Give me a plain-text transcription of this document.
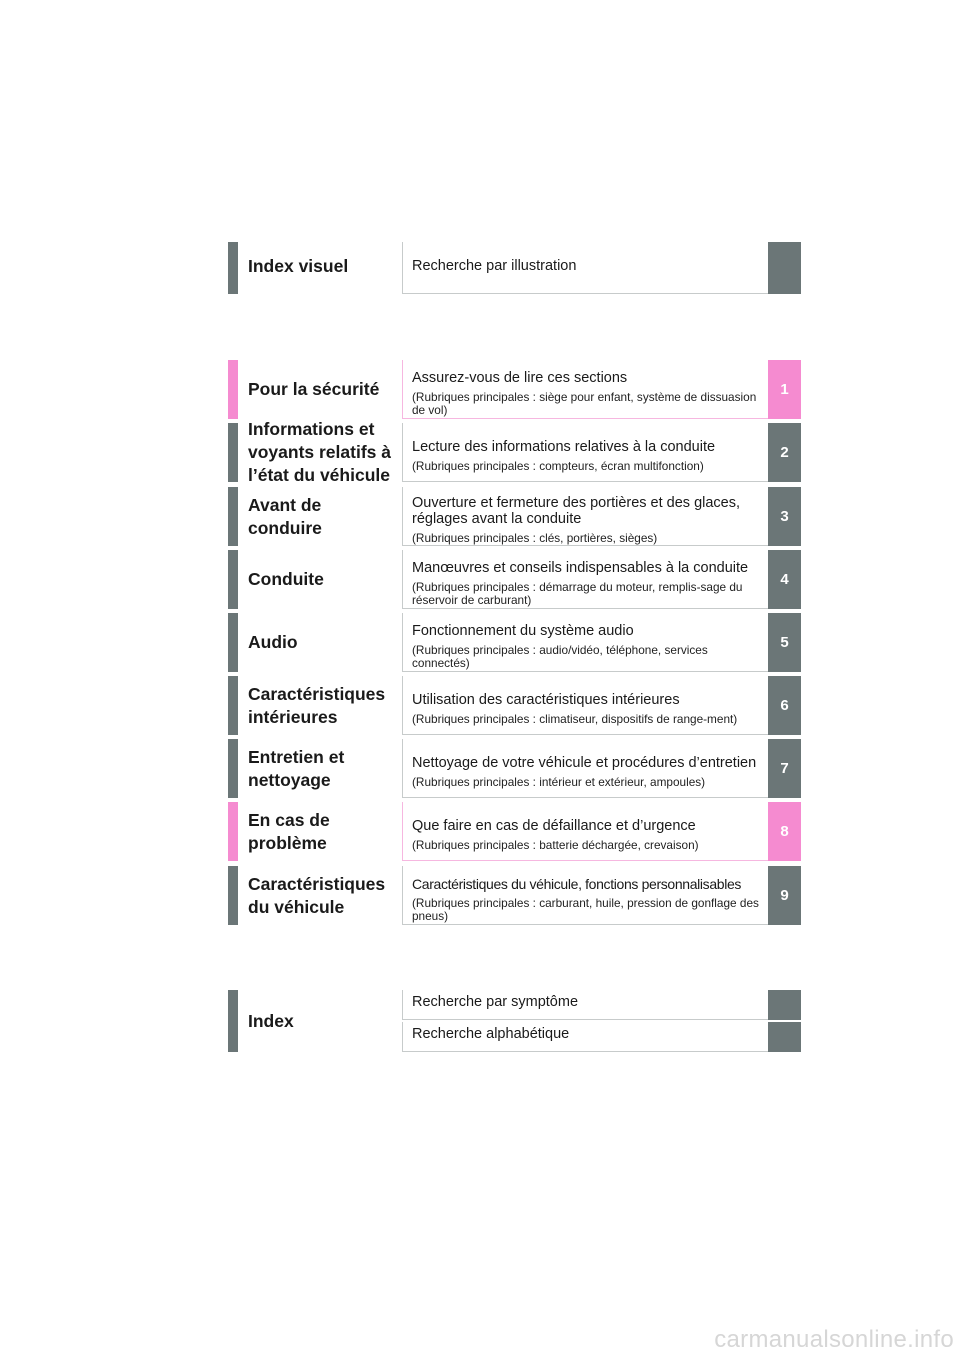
Index visuel	Recherche par illustration
Pour la sécurité
Assurez-vous de lire ces sections
(Rubriques principales : siège pour enfant, système de dissuasion de vol)
1
Informations et
voyants relatifs à
l’état du véhicule
Lecture des informations relatives à la conduite
(Rubriques principales : compteurs, écran multifonction)
2
Avant de
conduire
Ouverture et fermeture des portières et des glaces, réglages avant la conduite
(Rubriques principales : clés, portières, sièges)
3
Conduite
Manœuvres et conseils indispensables à la conduite
(Rubriques principales : démarrage du moteur, remplis-sage du réservoir de carburant)
4
Audio
Fonctionnement du système audio
(Rubriques principales : audio/vidéo, téléphone, services connectés)
5
Caractéristiques
intérieures
Utilisation des caractéristiques intérieures
(Rubriques principales : climatiseur, dispositifs de range-ment)
6
Entretien et
nettoyage
Nettoyage de votre véhicule et procédures d’entretien
(Rubriques principales : intérieur et extérieur, ampoules)
7
En cas de
problème
Que faire en cas de défaillance et d’urgence
(Rubriques principales : batterie déchargée, crevaison)
8
Caractéristiques
du véhicule
Caractéristiques du véhicule, fonctions personnalisables
(Rubriques principales : carburant, huile, pression de gonflage des pneus)
9
Index
Recherche par symptôme
Recherche alphabétique
carmanualsonline.info
